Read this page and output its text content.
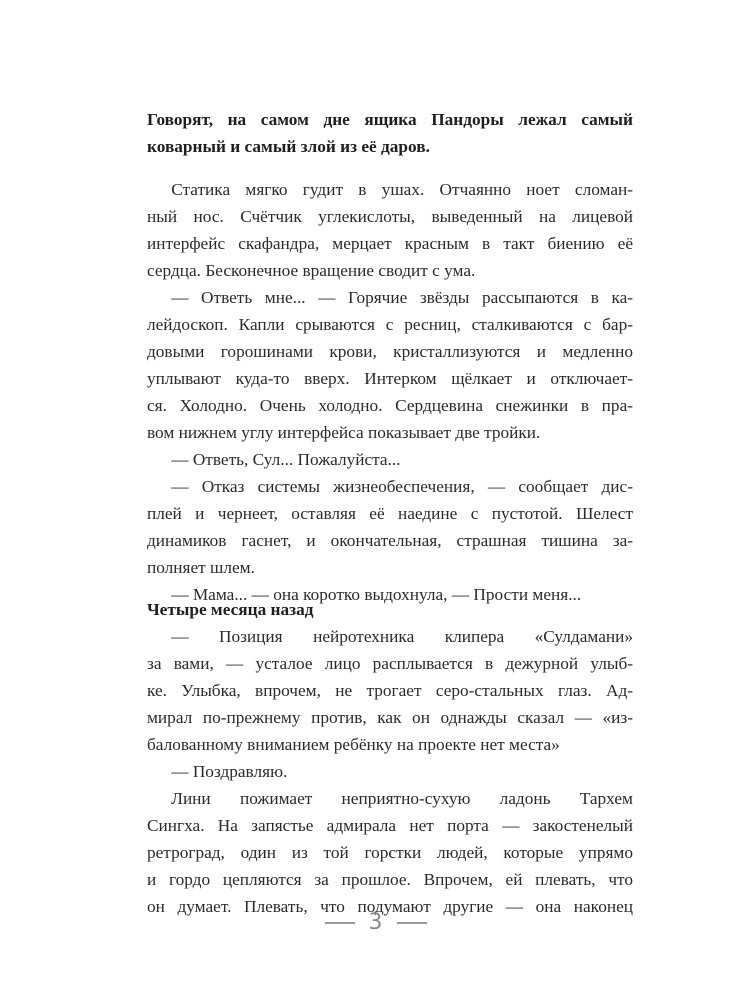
Говорят, на самом дне ящика Пандоры лежал самый
коварный и самый злой из её даров.
Статика мягко гудит в ушах. Отчаянно ноет сломан-
ный нос. Счётчик углекислоты, выведенный на лицевой
интерфейс скафандра, мерцает красным в такт биению её
сердца. Бесконечное вращение сводит с ума.
— Ответь мне... — Горячие звёзды рассыпаются в ка-
лейдоскоп. Капли срываются с ресниц, сталкиваются с бар-
довыми горошинами крови, кристаллизуются и медленно
уплывают куда-то вверх. Интерком щёлкает и отключает-
ся. Холодно. Очень холодно. Сердцевина снежинки в пра-
вом нижнем углу интерфейса показывает две тройки.
— Ответь, Сул... Пожалуйста...
— Отказ системы жизнеобеспечения, — сообщает дис-
плей и чернеет, оставляя её наедине с пустотой. Шелест
динамиков гаснет, и окончательная, страшная тишина за-
полняет шлем.
— Мама... — она коротко выдохнула, — Прости меня...
Четыре месяца назад
— Позиция нейротехника клипера «Сулдамани»
за вами, — усталое лицо расплывается в дежурной улыб-
ке. Улыбка, впрочем, не трогает серо-стальных глаз. Ад-
мирал по-прежнему против, как он однажды сказал — «из-
балованному вниманием ребёнку на проекте нет места»
— Поздравляю.
Лини пожимает неприятно-сухую ладонь Тархем
Сингха. На запястье адмирала нет порта — закостенелый
ретроград, один из той горстки людей, которые упрямо
и гордо цепляются за прошлое. Впрочем, ей плевать, что
он думает. Плевать, что подумают другие — она наконец
3
